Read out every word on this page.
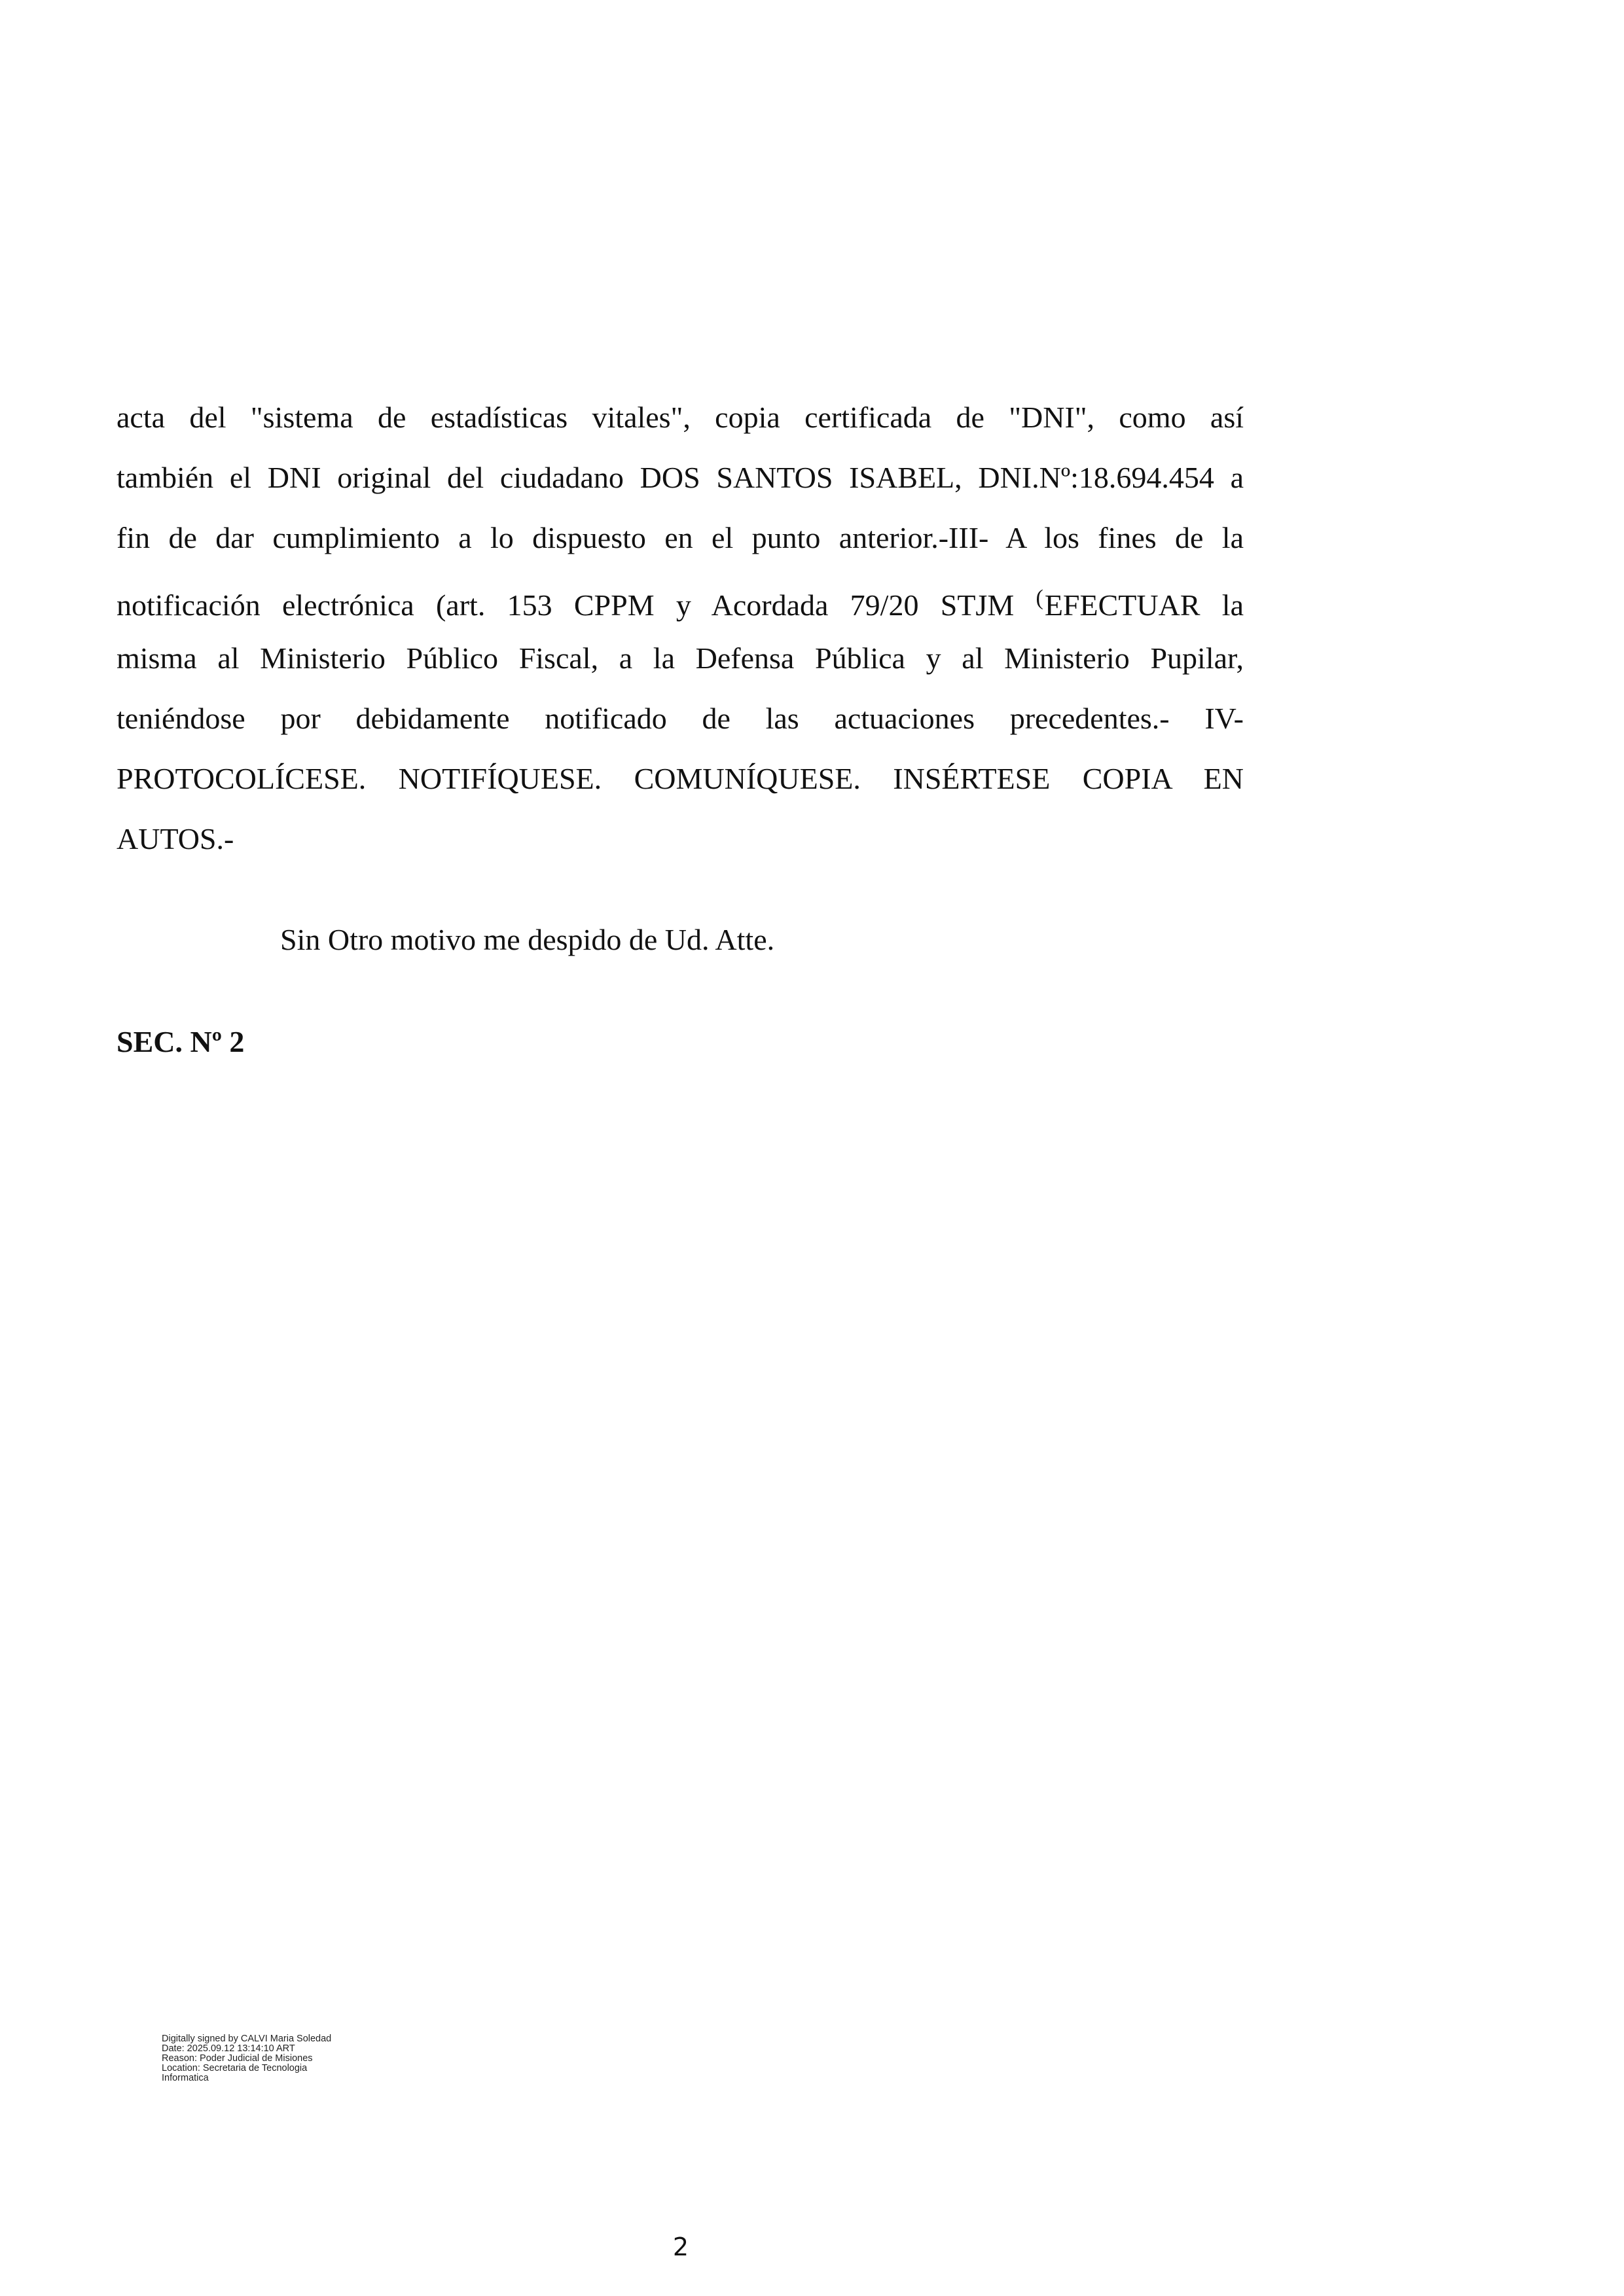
acta del "sistema de estadísticas vitales", copia certificada de "DNI", como así
también el DNI original del ciudadano DOS SANTOS ISABEL, DNI.Nº:18.694.454 a
fin de dar cumplimiento a lo dispuesto en el punto anterior.-III- A los fines de la
notificación electrónica (art. 153 CPPM y Acordada 79/20 STJM (EFECTUAR la
misma al Ministerio Público Fiscal, a la Defensa Pública y al Ministerio Pupilar,
teniéndose por debidamente notificado de las actuaciones precedentes.- IV-
PROTOCOLÍCESE. NOTIFÍQUESE. COMUNÍQUESE. INSÉRTESE COPIA EN
AUTOS.-
Sin Otro motivo me despido de Ud. Atte.
SEC. Nº 2
Digitally signed by CALVI Maria Soledad
Date: 2025.09.12 13:14:10 ART
Reason: Poder Judicial de Misiones
Location: Secretaria de Tecnologia
Informatica
2
